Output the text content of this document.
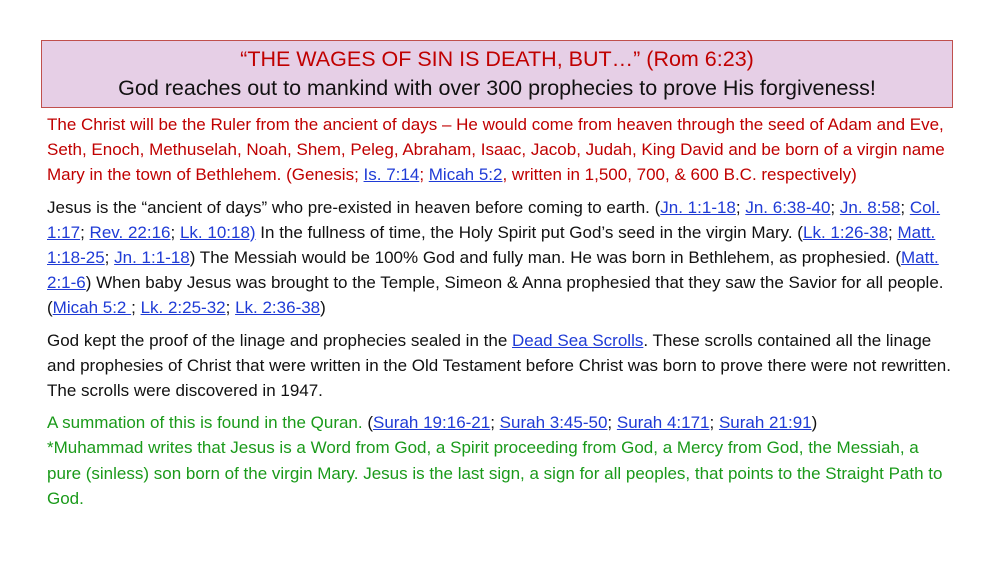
“THE WAGES OF SIN IS DEATH, BUT…” (Rom 6:23)
God reaches out to mankind with over 300 prophecies to prove His forgiveness!

The Christ will be the Ruler from the ancient of days – He would come from heaven through the seed of Adam and Eve, Seth, Enoch, Methuselah, Noah, Shem, Peleg, Abraham, Isaac, Jacob, Judah, King David and be born of a virgin name Mary in the town of Bethlehem. (Genesis; Is. 7:14; Micah 5:2, written in 1,500, 700, & 600 B.C. respectively)

Jesus is the “ancient of days” who pre-existed in heaven before coming to earth. (Jn. 1:1-18; Jn. 6:38-40; Jn. 8:58; Col. 1:17; Rev. 22:16; Lk. 10:18) In the fullness of time, the Holy Spirit put God’s seed in the virgin Mary. (Lk. 1:26-38; Matt. 1:18-25; Jn. 1:1-18) The Messiah would be 100% God and fully man. He was born in Bethlehem, as prophesied. (Matt. 2:1-6) When baby Jesus was brought to the Temple, Simeon & Anna prophesied that they saw the Savior for all people. (Micah 5:2 ; Lk. 2:25-32; Lk. 2:36-38)

God kept the proof of the linage and prophecies sealed in the Dead Sea Scrolls. These scrolls contained all the linage and prophesies of Christ that were written in the Old Testament before Christ was born to prove there were not rewritten. The scrolls were discovered in 1947.

A summation of this is found in the Quran. (Surah 19:16-21; Surah 3:45-50; Surah 4:171; Surah 21:91)
*Muhammad writes that Jesus is a Word from God, a Spirit proceeding from God, a Mercy from God, the Messiah, a pure (sinless) son born of the virgin Mary. Jesus is the last sign, a sign for all peoples, that points to the Straight Path to God.
